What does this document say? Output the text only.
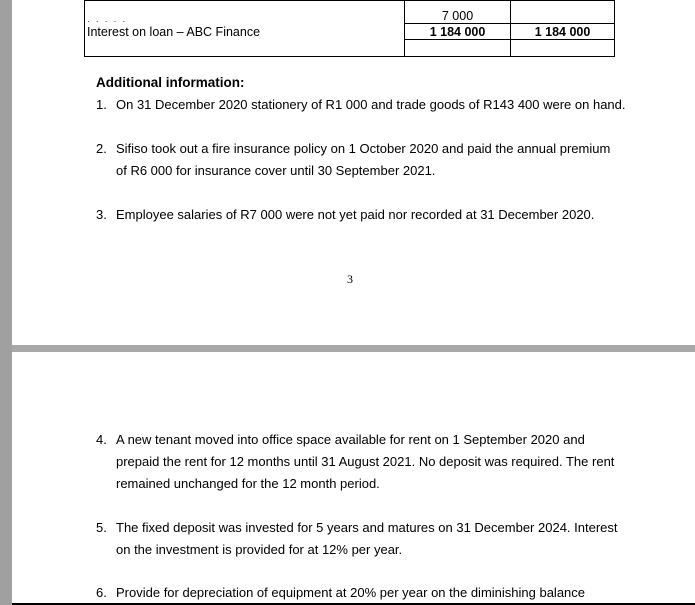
· · · · ·
Interest on loan – ABC Finance	7 000	
	1 184 000	1 184 000

Additional information:
1. On 31 December 2020 stationery of R1 000 and trade goods of R143 400 were on hand.
2. Sifiso took out a fire insurance policy on 1 October 2020 and paid the annual premium
of R6 000 for insurance cover until 30 September 2021.
3. Employee salaries of R7 000 were not yet paid nor recorded at 31 December 2020.
3
4. A new tenant moved into office space available for rent on 1 September 2020 and
prepaid the rent for 12 months until 31 August 2021. No deposit was required. The rent
remained unchanged for the 12 month period.
5. The fixed deposit was invested for 5 years and matures on 31 December 2024. Interest
on the investment is provided for at 12% per year.
6. Provide for depreciation of equipment at 20% per year on the diminishing balance
